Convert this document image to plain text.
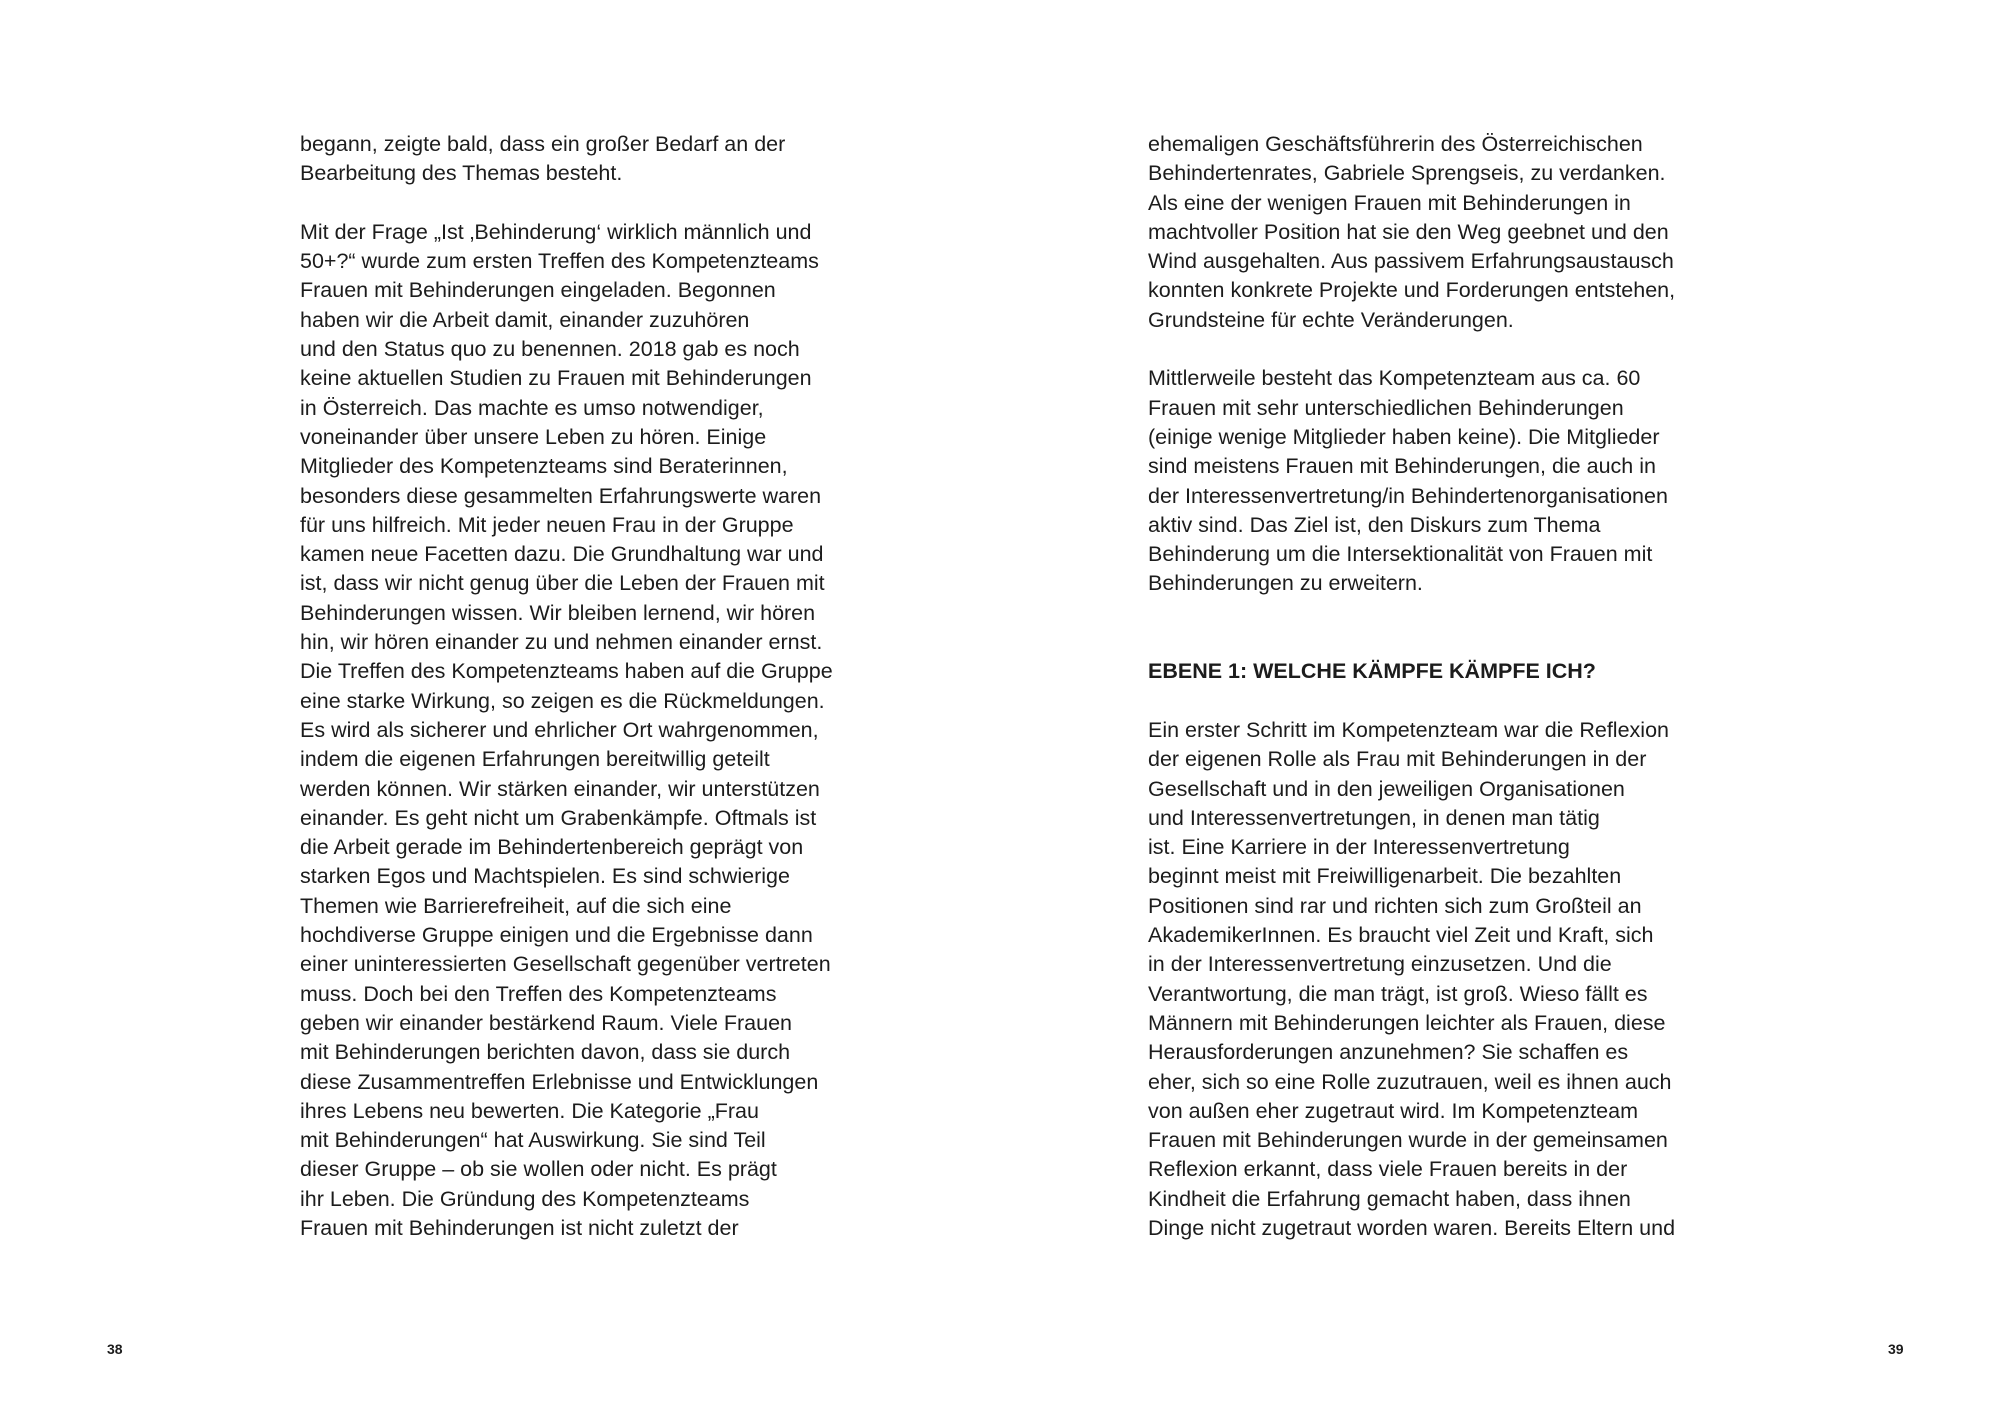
begann, zeigte bald, dass ein großer Bedarf an der
Bearbeitung des Themas besteht.
Mit der Frage „Ist ‚Behinderung‘ wirklich männlich und
50+?“ wurde zum ersten Treffen des Kompetenzteams
Frauen mit Behinderungen eingeladen. Begonnen
haben wir die Arbeit damit, einander zuzuhören
und den Status quo zu benennen. 2018 gab es noch
keine aktuellen Studien zu Frauen mit Behinderungen
in Österreich. Das machte es umso notwendiger,
voneinander über unsere Leben zu hören. Einige
Mitglieder des Kompetenzteams sind Beraterinnen,
besonders diese gesammelten Erfahrungswerte waren
für uns hilfreich. Mit jeder neuen Frau in der Gruppe
kamen neue Facetten dazu. Die Grundhaltung war und
ist, dass wir nicht genug über die Leben der Frauen mit
Behinderungen wissen. Wir bleiben lernend, wir hören
hin, wir hören einander zu und nehmen einander ernst.
Die Treffen des Kompetenzteams haben auf die Gruppe
eine starke Wirkung, so zeigen es die Rückmeldungen.
Es wird als sicherer und ehrlicher Ort wahrgenommen,
indem die eigenen Erfahrungen bereitwillig geteilt
werden können. Wir stärken einander, wir unterstützen
einander. Es geht nicht um Grabenkämpfe. Oftmals ist
die Arbeit gerade im Behindertenbereich geprägt von
starken Egos und Machtspielen. Es sind schwierige
Themen wie Barrierefreiheit, auf die sich eine
hochdiverse Gruppe einigen und die Ergebnisse dann
einer uninteressierten Gesellschaft gegenüber vertreten
muss. Doch bei den Treffen des Kompetenzteams
geben wir einander bestärkend Raum. Viele Frauen
mit Behinderungen berichten davon, dass sie durch
diese Zusammentreffen Erlebnisse und Entwicklungen
ihres Lebens neu bewerten. Die Kategorie „Frau
mit Behinderungen“ hat Auswirkung. Sie sind Teil
dieser Gruppe – ob sie wollen oder nicht. Es prägt
ihr Leben. Die Gründung des Kompetenzteams
Frauen mit Behinderungen ist nicht zuletzt der
38
ehemaligen Geschäftsführerin des Österreichischen
Behindertenrates, Gabriele Sprengseis, zu verdanken.
Als eine der wenigen Frauen mit Behinderungen in
machtvoller Position hat sie den Weg geebnet und den
Wind ausgehalten. Aus passivem Erfahrungsaustausch
konnten konkrete Projekte und Forderungen entstehen,
Grundsteine für echte Veränderungen.
Mittlerweile besteht das Kompetenzteam aus ca. 60
Frauen mit sehr unterschiedlichen Behinderungen
(einige wenige Mitglieder haben keine). Die Mitglieder
sind meistens Frauen mit Behinderungen, die auch in
der Interessenvertretung/in Behindertenorganisationen
aktiv sind. Das Ziel ist, den Diskurs zum Thema
Behinderung um die Intersektionalität von Frauen mit
Behinderungen zu erweitern.
EBENE 1: WELCHE KÄMPFE KÄMPFE ICH?
Ein erster Schritt im Kompetenzteam war die Reflexion
der eigenen Rolle als Frau mit Behinderungen in der
Gesellschaft und in den jeweiligen Organisationen
und Interessenvertretungen, in denen man tätig
ist. Eine Karriere in der Interessenvertretung
beginnt meist mit Freiwilligenarbeit. Die bezahlten
Positionen sind rar und richten sich zum Großteil an
AkademikerInnen. Es braucht viel Zeit und Kraft, sich
in der Interessenvertretung einzusetzen. Und die
Verantwortung, die man trägt, ist groß. Wieso fällt es
Männern mit Behinderungen leichter als Frauen, diese
Herausforderungen anzunehmen? Sie schaffen es
eher, sich so eine Rolle zuzutrauen, weil es ihnen auch
von außen eher zugetraut wird. Im Kompetenzteam
Frauen mit Behinderungen wurde in der gemeinsamen
Reflexion erkannt, dass viele Frauen bereits in der
Kindheit die Erfahrung gemacht haben, dass ihnen
Dinge nicht zugetraut worden waren. Bereits Eltern und
39
